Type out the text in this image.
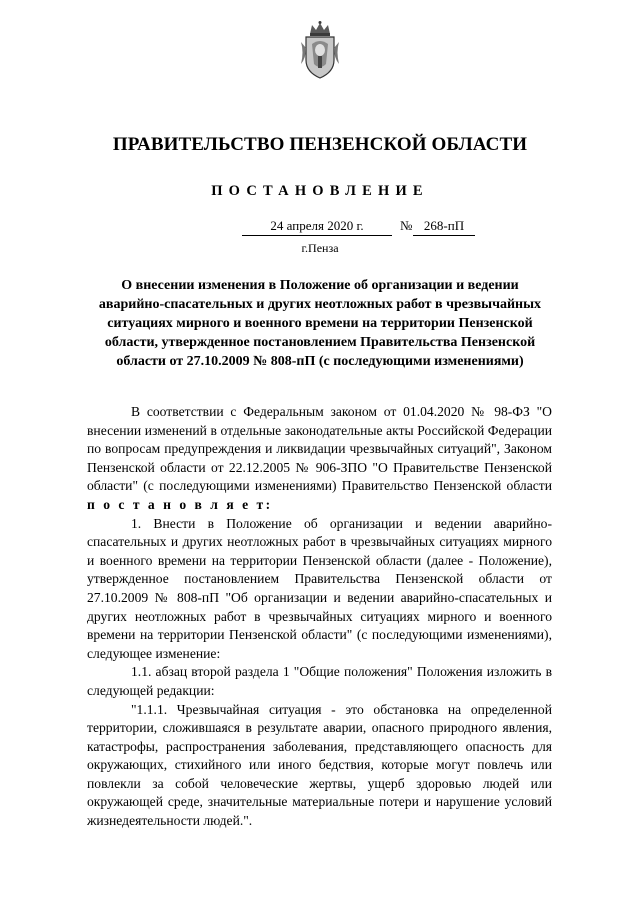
ПРАВИТЕЛЬСТВО ПЕНЗЕНСКОЙ ОБЛАСТИ
ПОСТАНОВЛЕНИЕ
24 апреля 2020 г.	№ 268-пП
г.Пенза
О внесении изменения в Положение об организации и ведении аварийно-спасательных и других неотложных работ в чрезвычайных ситуациях мирного и военного времени на территории Пензенской области, утвержденное постановлением Правительства Пензенской области от 27.10.2009 № 808-пП (с последующими изменениями)

В соответствии с Федеральным законом от 01.04.2020 № 98-ФЗ "О внесении изменений в отдельные законодательные акты Российской Федерации по вопросам предупреждения и ликвидации чрезвычайных ситуаций", Законом Пензенской области от 22.12.2005 № 906-ЗПО "О Правительстве Пензенской области" (с последующими изменениями) Правительство Пензенской области п о с т а н о в л я е т:

1. Внести в Положение об организации и ведении аварийно-спасательных и других неотложных работ в чрезвычайных ситуациях мирного и военного времени на территории Пензенской области (далее - Положение), утвержденное постановлением Правительства Пензенской области от 27.10.2009 № 808-пП "Об организации и ведении аварийно-спасательных и других неотложных работ в чрезвычайных ситуациях мирного и военного времени на территории Пензенской области" (с последующими изменениями), следующее изменение:

1.1. абзац второй раздела 1 "Общие положения" Положения изложить в следующей редакции:

"1.1.1. Чрезвычайная ситуация - это обстановка на определенной территории, сложившаяся в результате аварии, опасного природного явления, катастрофы, распространения заболевания, представляющего опасность для окружающих, стихийного или иного бедствия, которые могут повлечь или повлекли за собой человеческие жертвы, ущерб здоровью людей или окружающей среде, значительные материальные потери и нарушение условий жизнедеятельности людей.".
